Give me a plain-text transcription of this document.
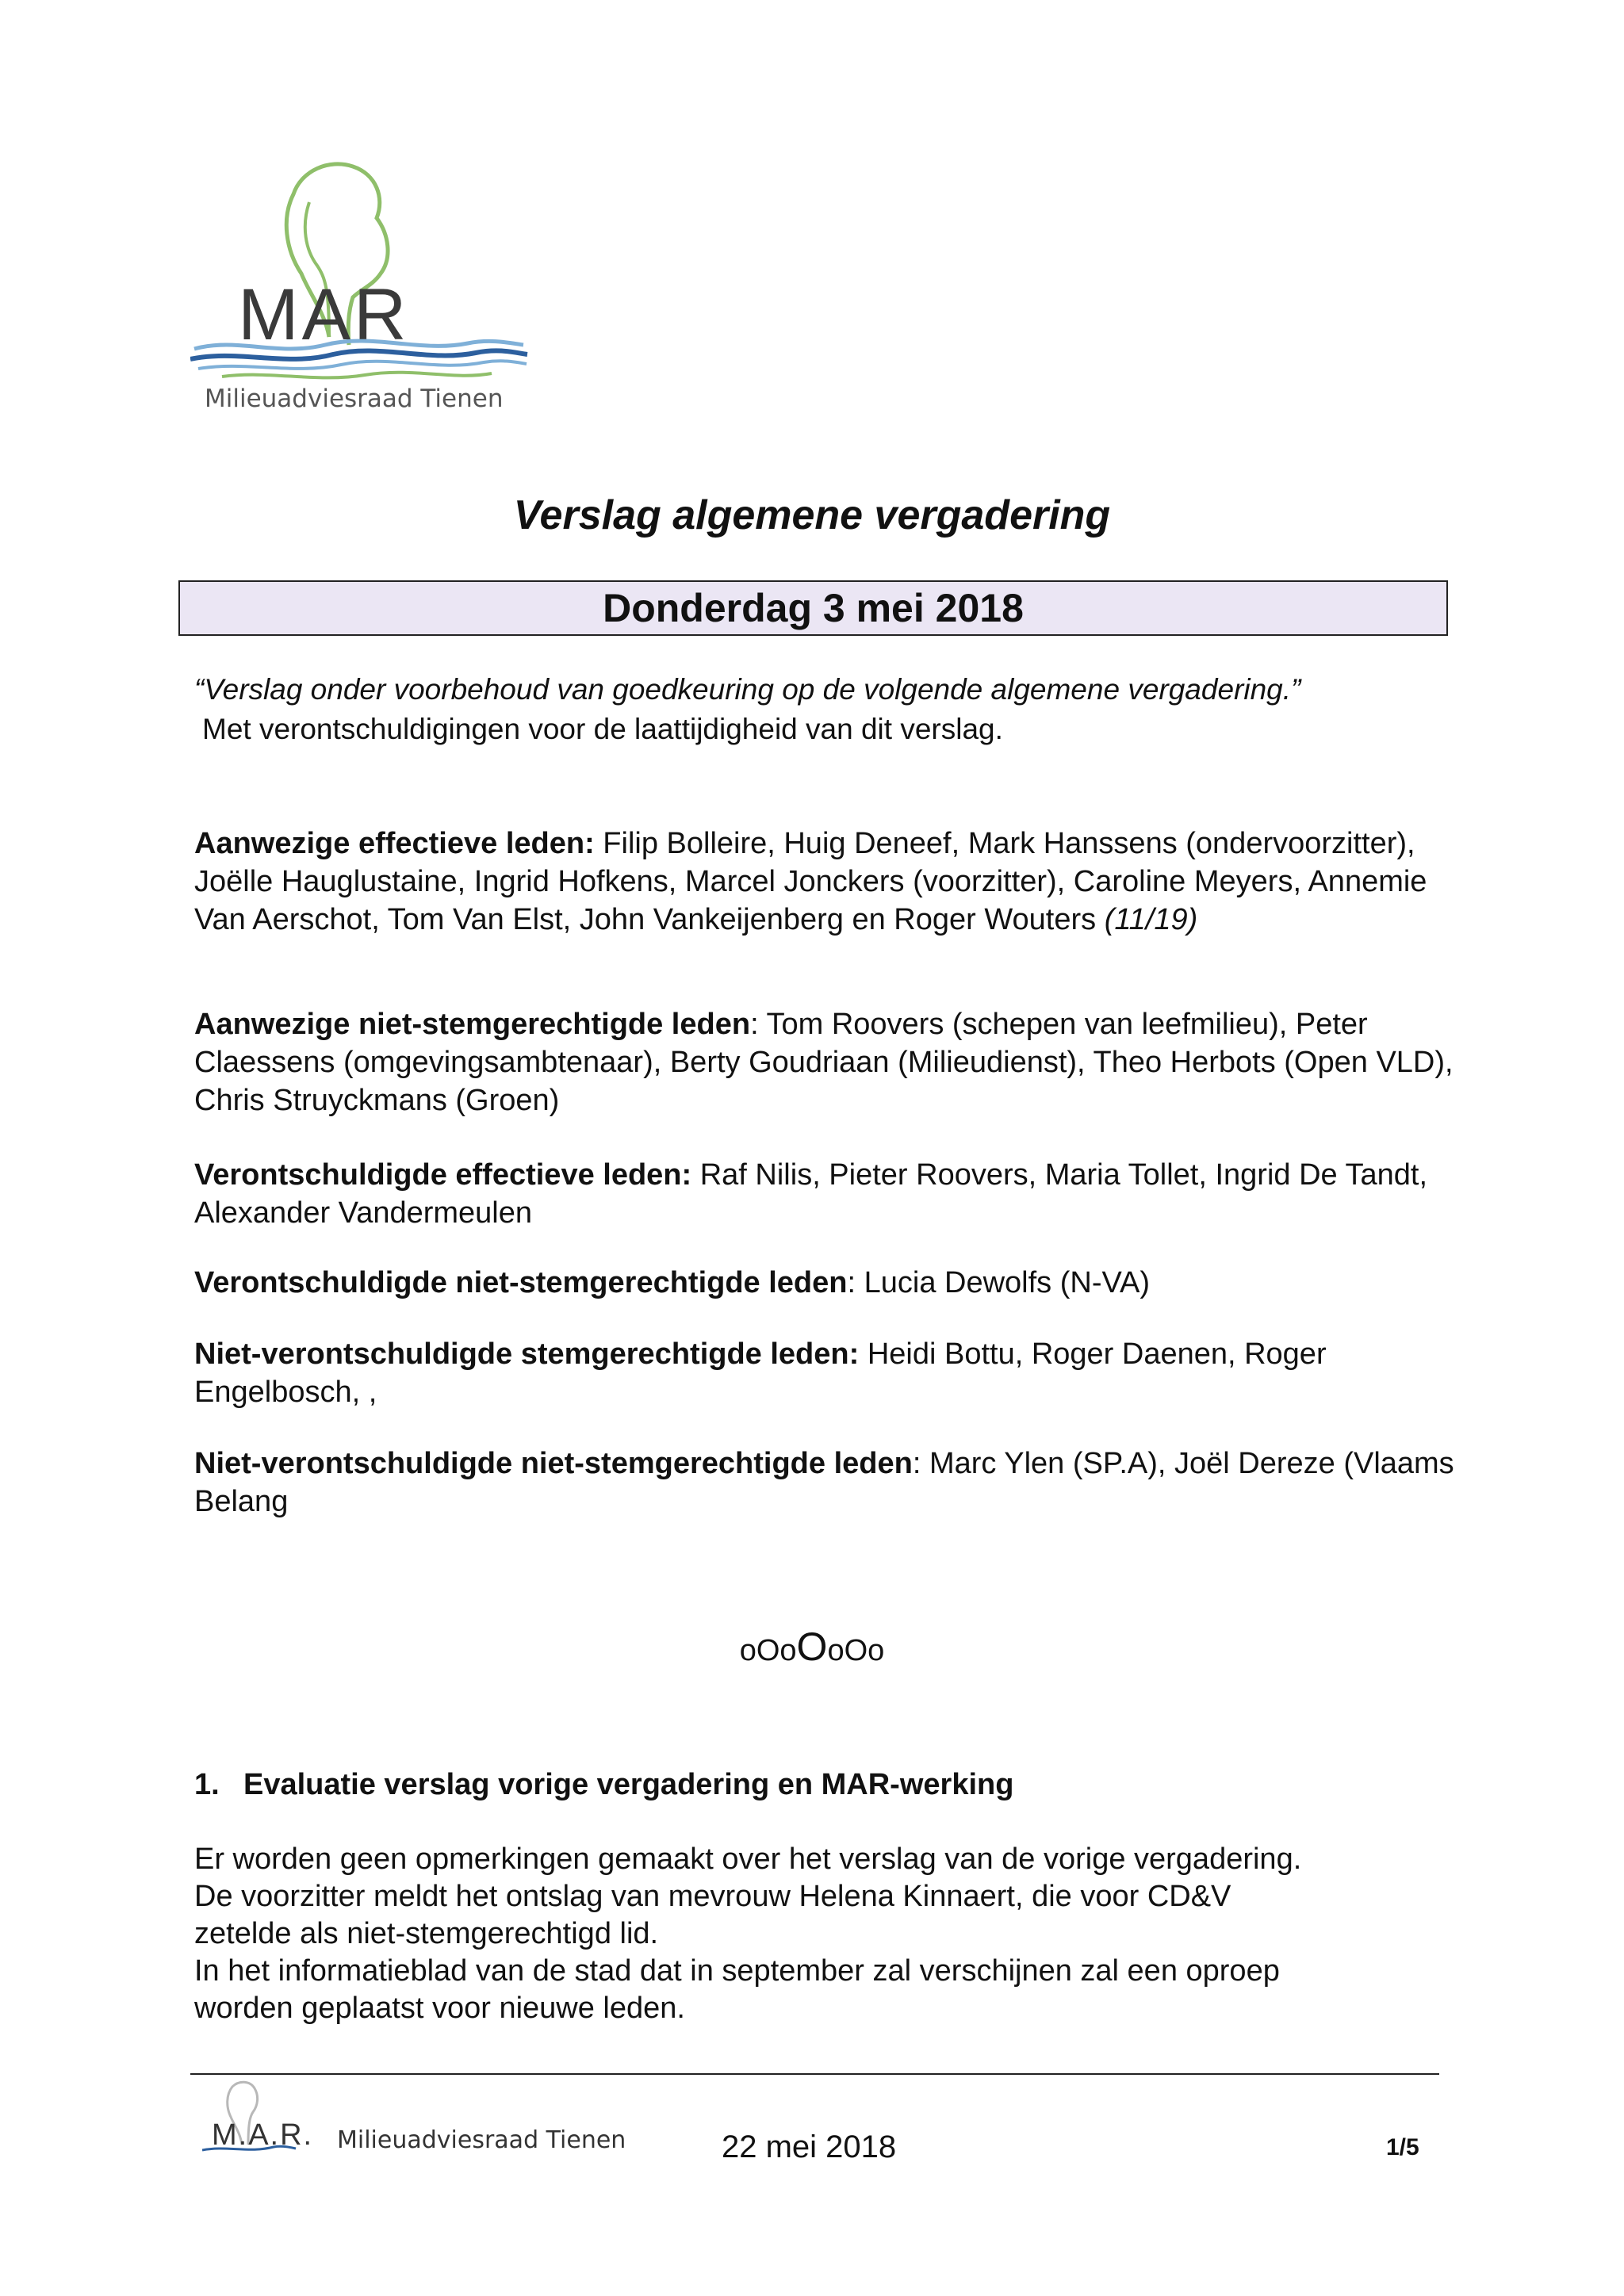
MAR
Milieuadviesraad Tienen
Verslag algemene vergadering
Donderdag 3 mei 2018
“Verslag onder voorbehoud van goedkeuring op de volgende algemene vergadering.”
Met verontschuldigingen voor de laattijdigheid van dit verslag.
Aanwezige effectieve leden: Filip Bolleire, Huig Deneef, Mark Hanssens (ondervoorzitter), Joëlle Hauglustaine, Ingrid Hofkens, Marcel Jonckers (voorzitter), Caroline Meyers, Annemie Van Aerschot, Tom Van Elst, John Vankeijenberg en Roger Wouters (11/19)
Aanwezige niet-stemgerechtigde leden: Tom Roovers (schepen van leefmilieu), Peter Claessens (omgevingsambtenaar), Berty Goudriaan (Milieudienst), Theo Herbots (Open VLD), Chris Struyckmans (Groen)
Verontschuldigde effectieve leden: Raf Nilis, Pieter Roovers, Maria Tollet, Ingrid De Tandt, Alexander Vandermeulen
Verontschuldigde niet-stemgerechtigde leden: Lucia Dewolfs (N-VA)
Niet-verontschuldigde stemgerechtigde leden: Heidi Bottu, Roger Daenen, Roger Engelbosch, ,
Niet-verontschuldigde niet-stemgerechtigde leden: Marc Ylen (SP.A), Joël Dereze (Vlaams Belang
oOoOoOo
1. Evaluatie verslag vorige vergadering en MAR-werking
Er worden geen opmerkingen gemaakt over het verslag van de vorige vergadering.
De voorzitter meldt het ontslag van mevrouw Helena Kinnaert, die voor CD&V
zetelde als niet-stemgerechtigd lid.
In het informatieblad van de stad dat in september zal verschijnen zal een oproep
worden geplaatst voor nieuwe leden.
M.A.R. Milieuadviesraad Tienen	22 mei 2018	1/5
